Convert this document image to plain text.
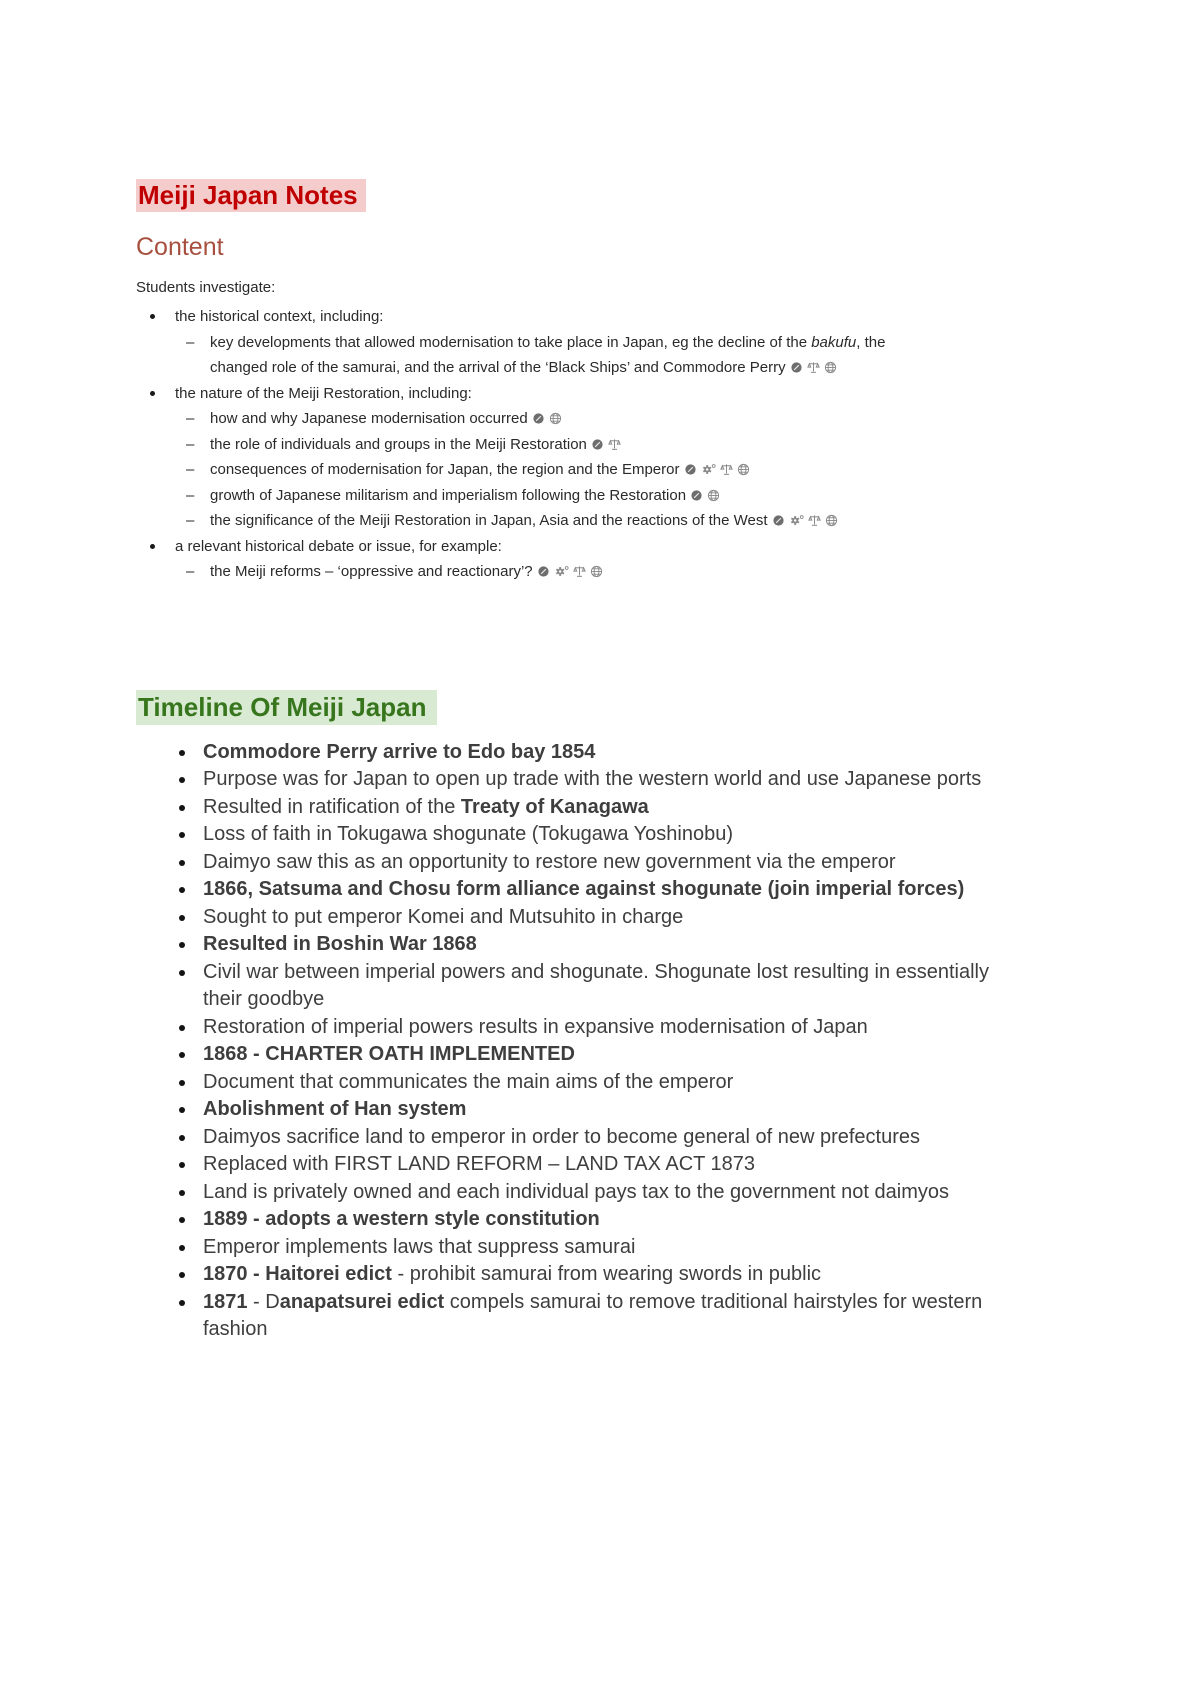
Meiji Japan Notes
Content

Students investigate:

the historical context, including:
– key developments that allowed modernisation to take place in Japan, eg the decline of the bakufu, the changed role of the samurai, and the arrival of the ‘Black Ships’ and Commodore Perry

the nature of the Meiji Restoration, including:
– how and why Japanese modernisation occurred

– the role of individuals and groups in the Meiji Restoration

– consequences of modernisation for Japan, the region and the Emperor

– growth of Japanese militarism and imperialism following the Restoration

– the significance of the Meiji Restoration in Japan, Asia and the reactions of the West

a relevant historical debate or issue, for example:
– the Meiji reforms – ‘oppressive and reactionary’?

Timeline Of Meiji Japan
Commodore Perry arrive to Edo bay 1854
Purpose was for Japan to open up trade with the western world and use Japanese ports
Resulted in ratification of the Treaty of Kanagawa
Loss of faith in Tokugawa shogunate (Tokugawa Yoshinobu)
Daimyo saw this as an opportunity to restore new government via the emperor
1866, Satsuma and Chosu form alliance against shogunate (join imperial forces)
Sought to put emperor Komei and Mutsuhito in charge
Resulted in Boshin War 1868
Civil war between imperial powers and shogunate. Shogunate lost resulting in essentially their goodbye
Restoration of imperial powers results in expansive modernisation of Japan
1868 - CHARTER OATH IMPLEMENTED
Document that communicates the main aims of the emperor
Abolishment of Han system
Daimyos sacrifice land to emperor in order to become general of new prefectures
Replaced with FIRST LAND REFORM – LAND TAX ACT 1873
Land is privately owned and each individual pays tax to the government not daimyos
1889 - adopts a western style constitution
Emperor implements laws that suppress samurai
1870 - Haitorei edict - prohibit samurai from wearing swords in public
1871 - Danapatsurei edict compels samurai to remove traditional hairstyles for western fashion
